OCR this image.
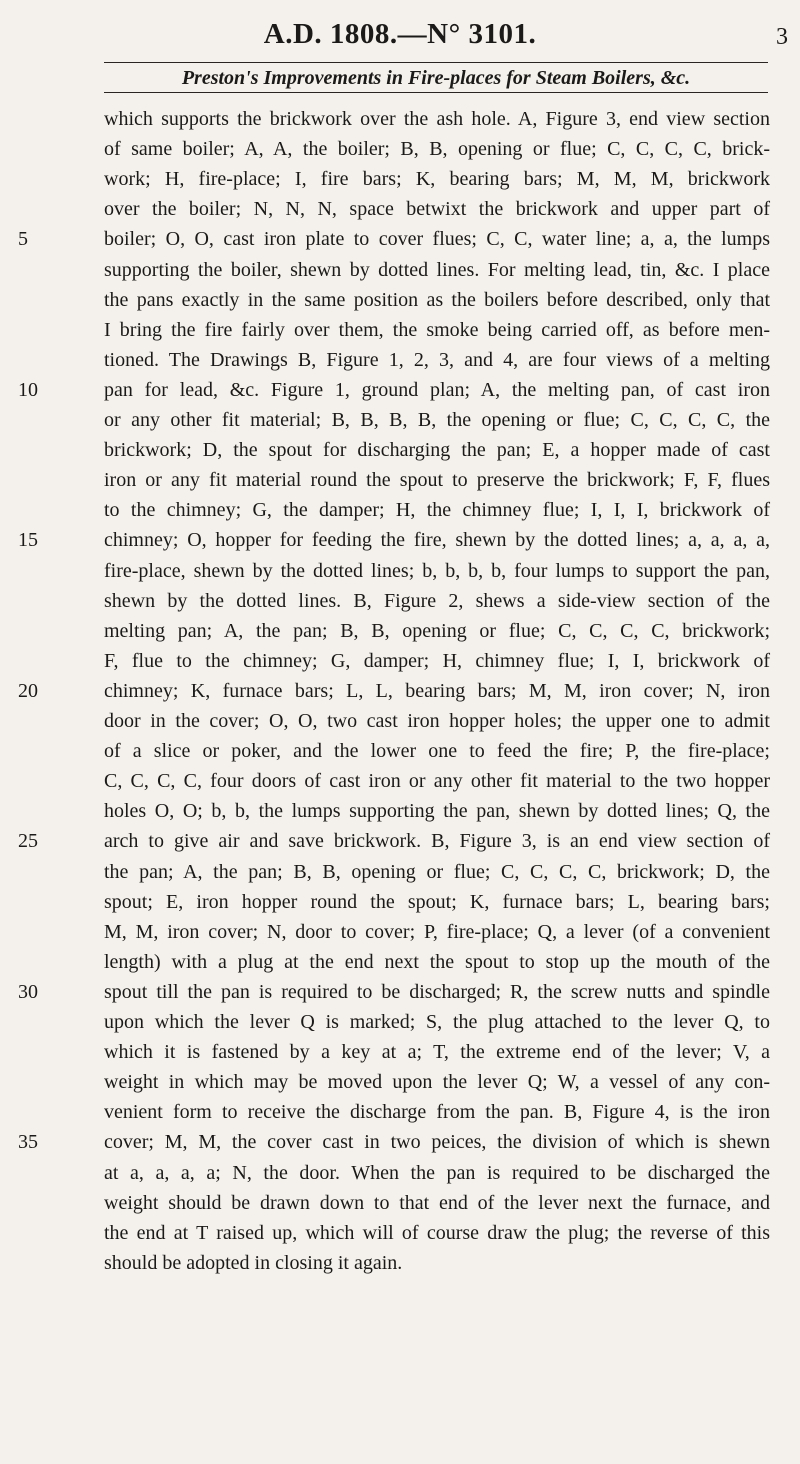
A.D. 1808.—N° 3101.	3
Preston's Improvements in Fire-places for Steam Boilers, &c.
which supports the brickwork over the ash hole. A, Figure 3, end view section
of same boiler; A, A, the boiler; B, B, opening or flue; C, C, C, C, brick-
work; H, fire-place; I, fire bars; K, bearing bars; M, M, M, brickwork
over the boiler; N, N, N, space betwixt the brickwork and upper part of
boiler; O, O, cast iron plate to cover flues; C, C, water line; a, a, the lumps
supporting the boiler, shewn by dotted lines. For melting lead, tin, &c. I place
the pans exactly in the same position as the boilers before described, only that
I bring the fire fairly over them, the smoke being carried off, as before men-
tioned. The Drawings B, Figure 1, 2, 3, and 4, are four views of a melting
pan for lead, &c. Figure 1, ground plan; A, the melting pan, of cast iron
or any other fit material; B, B, B, B, the opening or flue; C, C, C, C, the
brickwork; D, the spout for discharging the pan; E, a hopper made of cast
iron or any fit material round the spout to preserve the brickwork; F, F, flues
to the chimney; G, the damper; H, the chimney flue; I, I, I, brickwork of
chimney; O, hopper for feeding the fire, shewn by the dotted lines; a, a, a, a,
fire-place, shewn by the dotted lines; b, b, b, b, four lumps to support the pan,
shewn by the dotted lines. B, Figure 2, shews a side-view section of the
melting pan; A, the pan; B, B, opening or flue; C, C, C, C, brickwork;
F, flue to the chimney; G, damper; H, chimney flue; I, I, brickwork of
chimney; K, furnace bars; L, L, bearing bars; M, M, iron cover; N, iron
door in the cover; O, O, two cast iron hopper holes; the upper one to admit
of a slice or poker, and the lower one to feed the fire; P, the fire-place;
C, C, C, C, four doors of cast iron or any other fit material to the two hopper
holes O, O; b, b, the lumps supporting the pan, shewn by dotted lines; Q, the
arch to give air and save brickwork. B, Figure 3, is an end view section of
the pan; A, the pan; B, B, opening or flue; C, C, C, C, brickwork; D, the
spout; E, iron hopper round the spout; K, furnace bars; L, bearing bars;
M, M, iron cover; N, door to cover; P, fire-place; Q, a lever (of a convenient
length) with a plug at the end next the spout to stop up the mouth of the
spout till the pan is required to be discharged; R, the screw nutts and spindle
upon which the lever Q is marked; S, the plug attached to the lever Q, to
which it is fastened by a key at a; T, the extreme end of the lever; V, a
weight in which may be moved upon the lever Q; W, a vessel of any con-
venient form to receive the discharge from the pan. B, Figure 4, is the iron
cover; M, M, the cover cast in two peices, the division of which is shewn
at a, a, a, a; N, the door. When the pan is required to be discharged the
weight should be drawn down to that end of the lever next the furnace, and
the end at T raised up, which will of course draw the plug; the reverse of this
should be adopted in closing it again.
5
10
15
20
25
30
35
